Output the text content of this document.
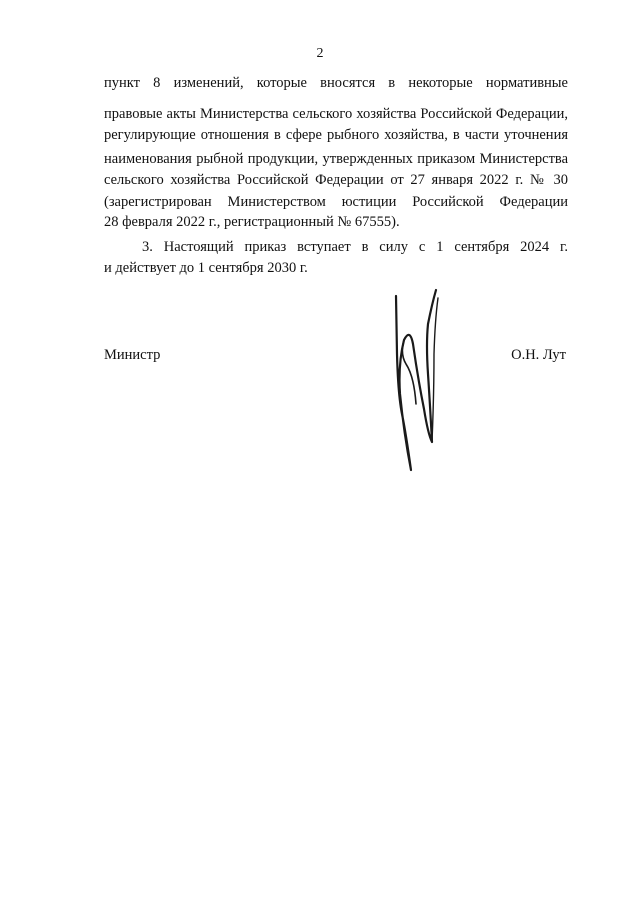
2
пункт 8 изменений, которые вносятся в некоторые нормативные
правовые акты Министерства сельского хозяйства Российской Федерации,
регулирующие отношения в сфере рыбного хозяйства, в части уточнения
наименования рыбной продукции, утвержденных приказом Министерства
сельского хозяйства Российской Федерации от 27 января 2022 г. № 30
(зарегистрирован Министерством юстиции Российской Федерации
28 февраля 2022 г., регистрационный № 67555).
3. Настоящий приказ вступает в силу с 1 сентября 2024 г.
и действует до 1 сентября 2030 г.
Министр	О.Н. Лут
